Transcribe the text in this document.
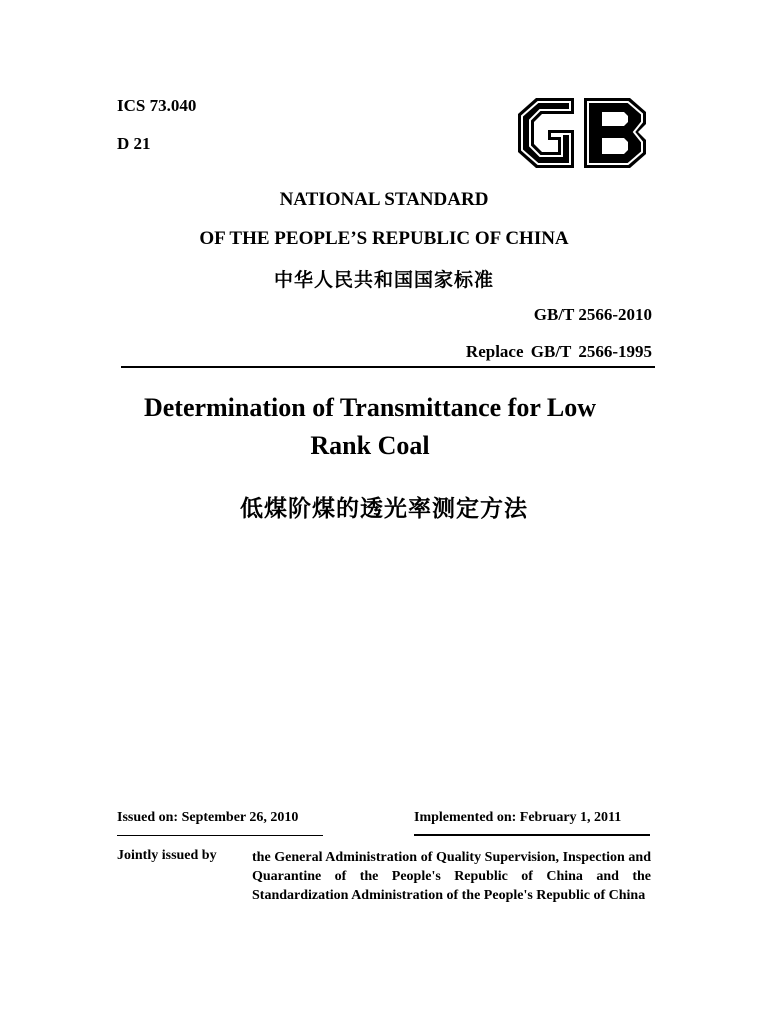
ICS 73.040
D 21
NATIONAL STANDARD
OF THE PEOPLE’S REPUBLIC OF CHINA
中华人民共和国国家标准
GB/T 2566-2010
Replace GB/T 2566-1995
Determination of Transmittance for Low
Rank Coal
低煤阶煤的透光率测定方法
Issued on: September 26, 2010	Implemented on: February 1, 2011
Jointly issued by	the General Administration of Quality Supervision, Inspection and Quarantine of the People's Republic of China and the Standardization Administration of the People's Republic of China
